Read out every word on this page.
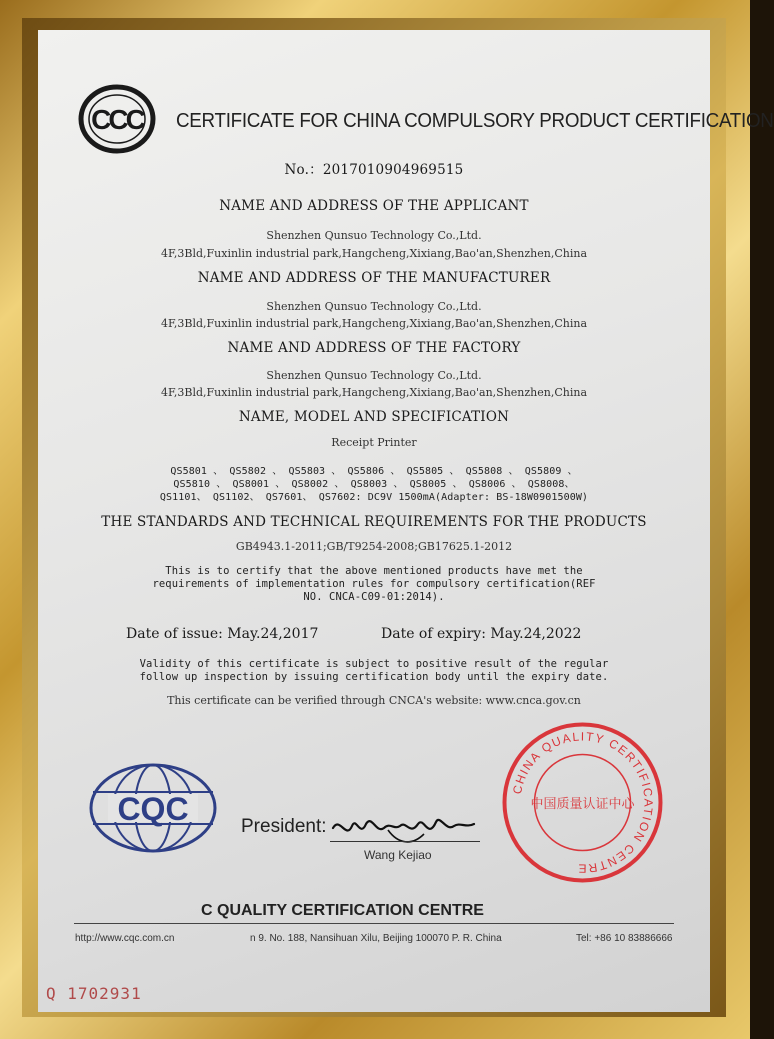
CCC CERTIFICATE FOR CHINA COMPULSORY PRODUCT CERTIFICATION
No.：2017010904969515
NAME AND ADDRESS OF THE APPLICANT
Shenzhen Qunsuo Technology Co.,Ltd.
4F,3Bld,Fuxinlin industrial park,Hangcheng,Xixiang,Bao'an,Shenzhen,China
NAME AND ADDRESS OF THE MANUFACTURER
Shenzhen Qunsuo Technology Co.,Ltd.
4F,3Bld,Fuxinlin industrial park,Hangcheng,Xixiang,Bao'an,Shenzhen,China
NAME AND ADDRESS OF THE FACTORY
Shenzhen Qunsuo Technology Co.,Ltd.
4F,3Bld,Fuxinlin industrial park,Hangcheng,Xixiang,Bao'an,Shenzhen,China
NAME, MODEL AND SPECIFICATION
Receipt Printer
QS5801 、 QS5802 、 QS5803 、 QS5806 、 QS5805 、 QS5808 、 QS5809 、
QS5810 、 QS8001 、 QS8002 、 QS8003 、 QS8005 、 QS8006 、 QS8008、
QS1101、 QS1102、 QS7601、 QS7602: DC9V 1500mA(Adapter: BS-18W0901500W)
THE STANDARDS AND TECHNICAL REQUIREMENTS FOR THE PRODUCTS
GB4943.1-2011;GB/T9254-2008;GB17625.1-2012
This is to certify that the above mentioned products have met the
requirements of implementation rules for compulsory certification(REF
NO. CNCA-C09-01:2014).
Date of issue: May.24,2017	Date of expiry: May.24,2022
Validity of this certificate is subject to positive result of the regular
follow up inspection by issuing certification body until the expiry date.
This certificate can be verified through CNCA's website: www.cnca.gov.cn
CQC	President:
Wang Kejiao
CHINA QUALITY CERTIFICATION CENTRE
中国质量认证中心
C QUALITY CERTIFICATION CENTRE
http://www.cqc.com.cn	n 9. No. 188, Nansihuan Xilu, Beijing 100070 P. R. China	Tel: +86 10 83886666
Q 1702931
